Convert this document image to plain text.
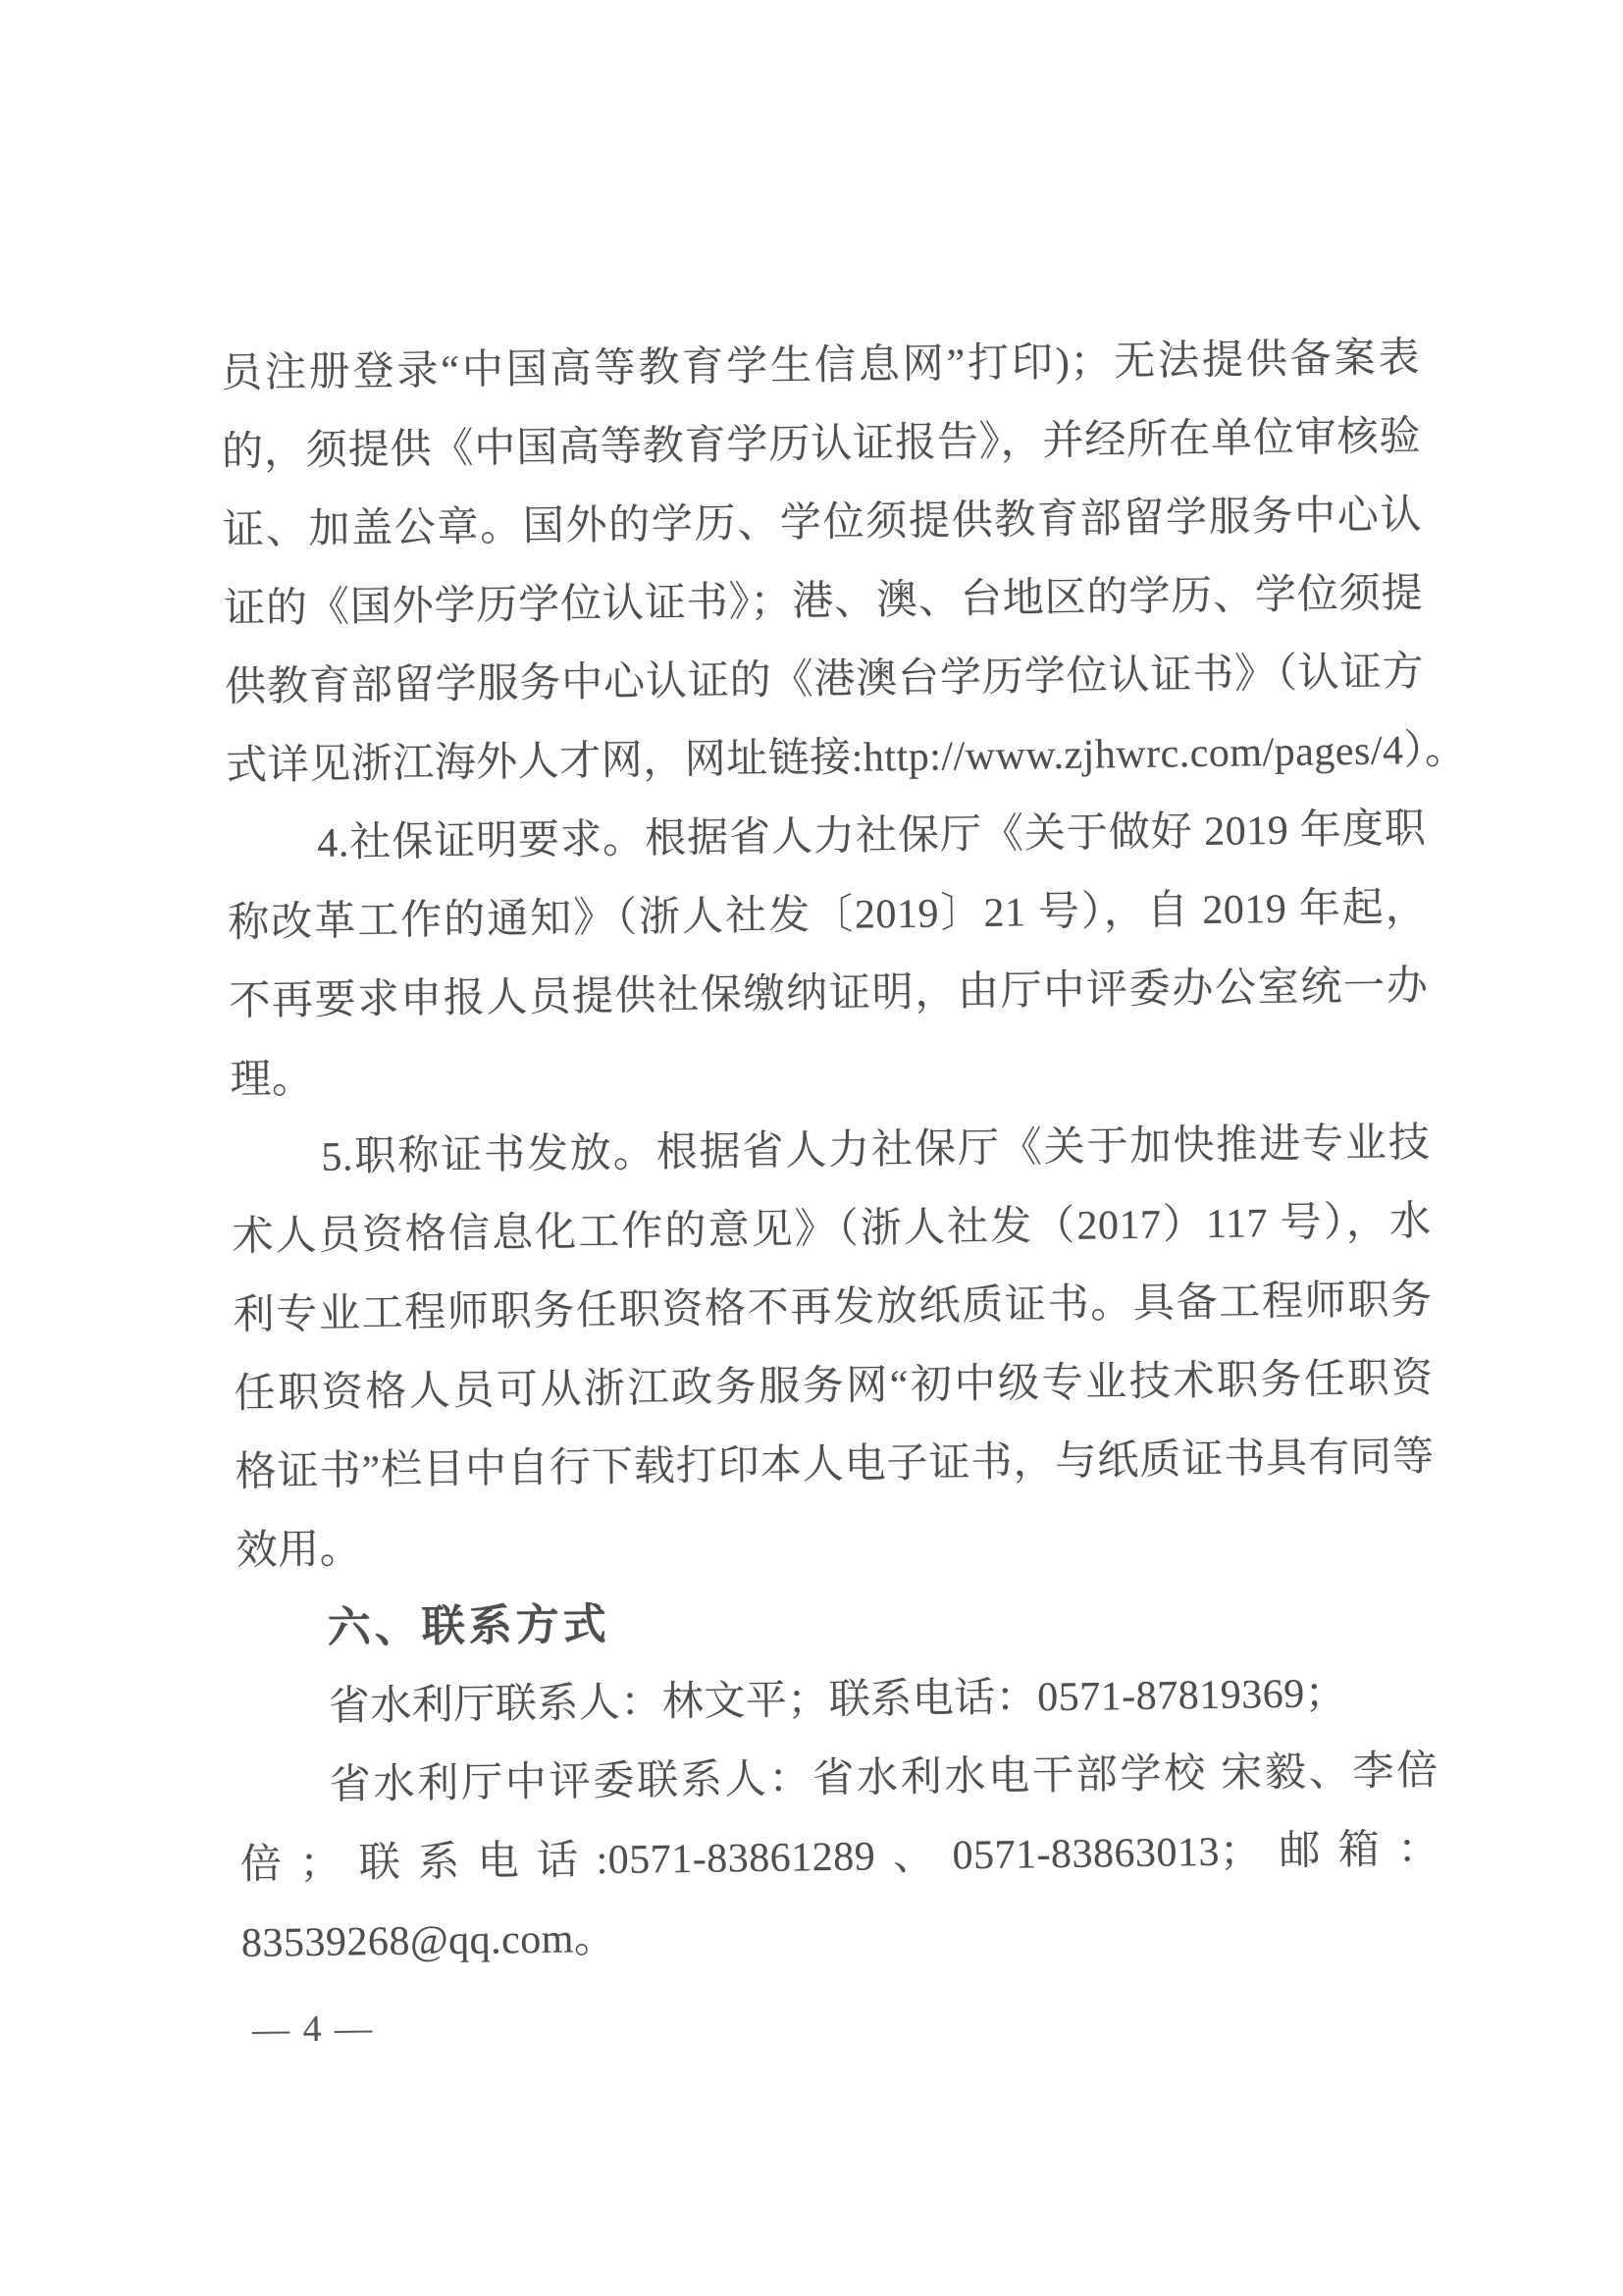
员注册登录“中国高等教育学生信息网”打印)；无法提供备案表
的，须提供《中国高等教育学历认证报告》，并经所在单位审核验
证、加盖公章。国外的学历、学位须提供教育部留学服务中心认
证的《国外学历学位认证书》；港、澳、台地区的学历、学位须提
供教育部留学服务中心认证的《港澳台学历学位认证书》（认证方
式详见浙江海外人才网，网址链接:http://www.zjhwrc.com/pages/4）。
4.社保证明要求。根据省人力社保厅《关于做好 2019 年度职
称改革工作的通知》（浙人社发〔2019〕21 号），自 2019 年起，
不再要求申报人员提供社保缴纳证明，由厅中评委办公室统一办
理。
5.职称证书发放。根据省人力社保厅《关于加快推进专业技
术人员资格信息化工作的意见》（浙人社发（2017）117 号），水
利专业工程师职务任职资格不再发放纸质证书。具备工程师职务
任职资格人员可从浙江政务服务网“初中级专业技术职务任职资
格证书”栏目中自行下载打印本人电子证书，与纸质证书具有同等
效用。
六、联系方式
省水利厅联系人：林文平；联系电话：0571-87819369；
省水利厅中评委联系人：省水利水电干部学校 宋毅、李倍
倍；联系电话:0571-83861289、0571-83863013；邮箱：
83539268@qq.com。
— 4 —
